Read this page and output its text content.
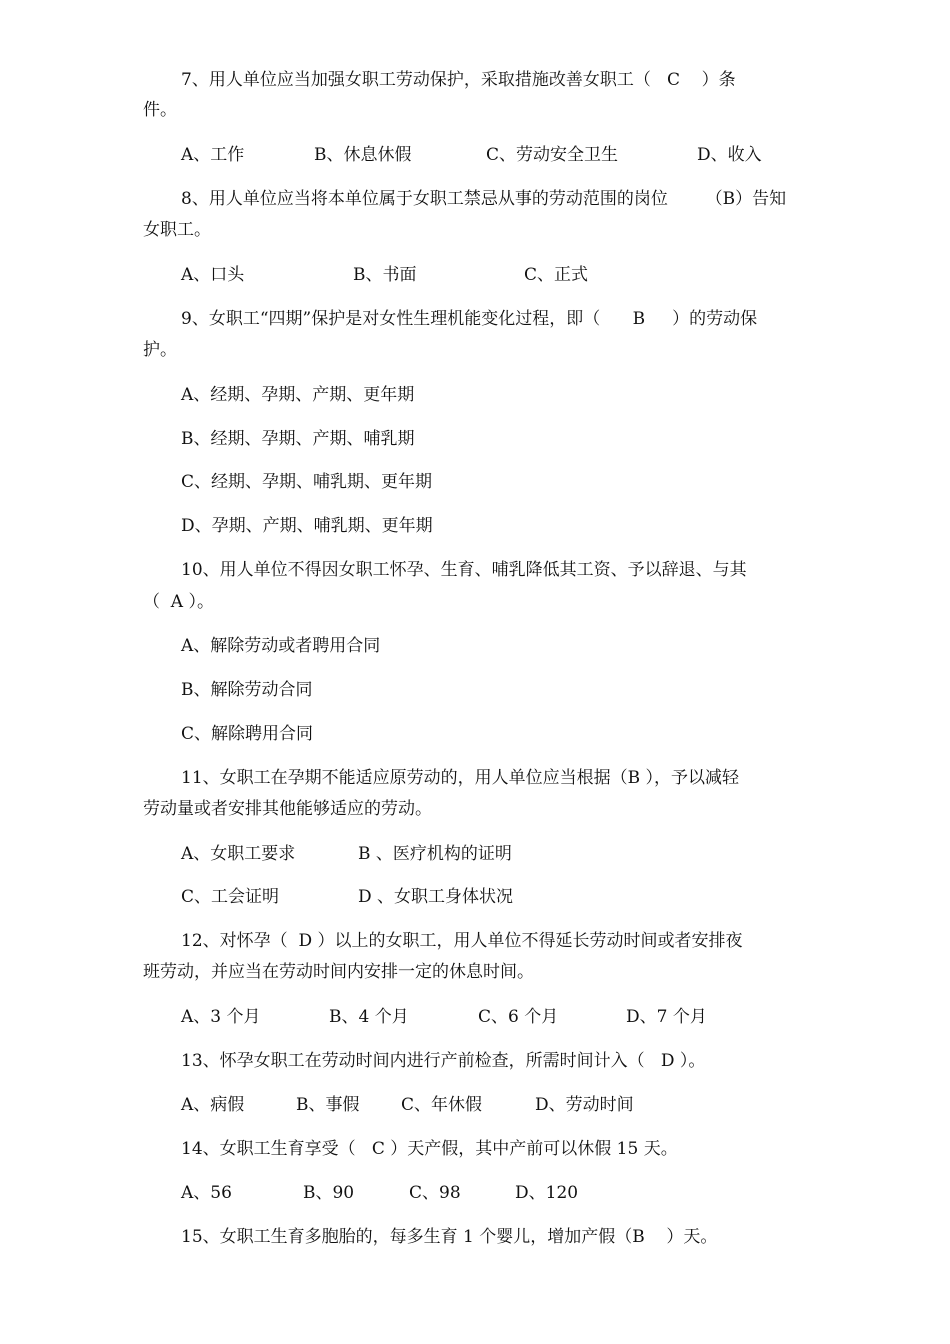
7、用人单位应当加强女职工劳动保护，采取措施改善女职工（   C    ）条
件。
A、工作	B、休息休假	C、劳动安全卫生	D、收入
8、用人单位应当将本单位属于女职工禁忌从事的劳动范围的岗位       （B）告知
女职工。
A、口头	B、书面	C、正式
9、女职工“四期”保护是对女性生理机能变化过程，即（      B     ）的劳动保
护。
A、经期、孕期、产期、更年期
B、经期、孕期、产期、哺乳期
C、经期、孕期、哺乳期、更年期
D、孕期、产期、哺乳期、更年期
10、用人单位不得因女职工怀孕、生育、哺乳降低其工资、予以辞退、与其
（  A ）。
A、解除劳动或者聘用合同
B、解除劳动合同
C、解除聘用合同
11、女职工在孕期不能适应原劳动的，用人单位应当根据（B ），予以减轻
劳动量或者安排其他能够适应的劳动。
A、女职工要求	B 、医疗机构的证明
C、工会证明	D 、女职工身体状况
12、对怀孕（  D ）以上的女职工，用人单位不得延长劳动时间或者安排夜
班劳动，并应当在劳动时间内安排一定的休息时间。
A、3 个月	B、4 个月	C、6 个月	D、7 个月
13、怀孕女职工在劳动时间内进行产前检查，所需时间计入（   D ）。
A、病假	B、事假 C、年休假	D、劳动时间
14、女职工生育享受（   C ）天产假，其中产前可以休假 15 天。
A、56	B、90	C、98	D、120
15、女职工生育多胞胎的，每多生育 1 个婴儿，增加产假（B    ）天。
